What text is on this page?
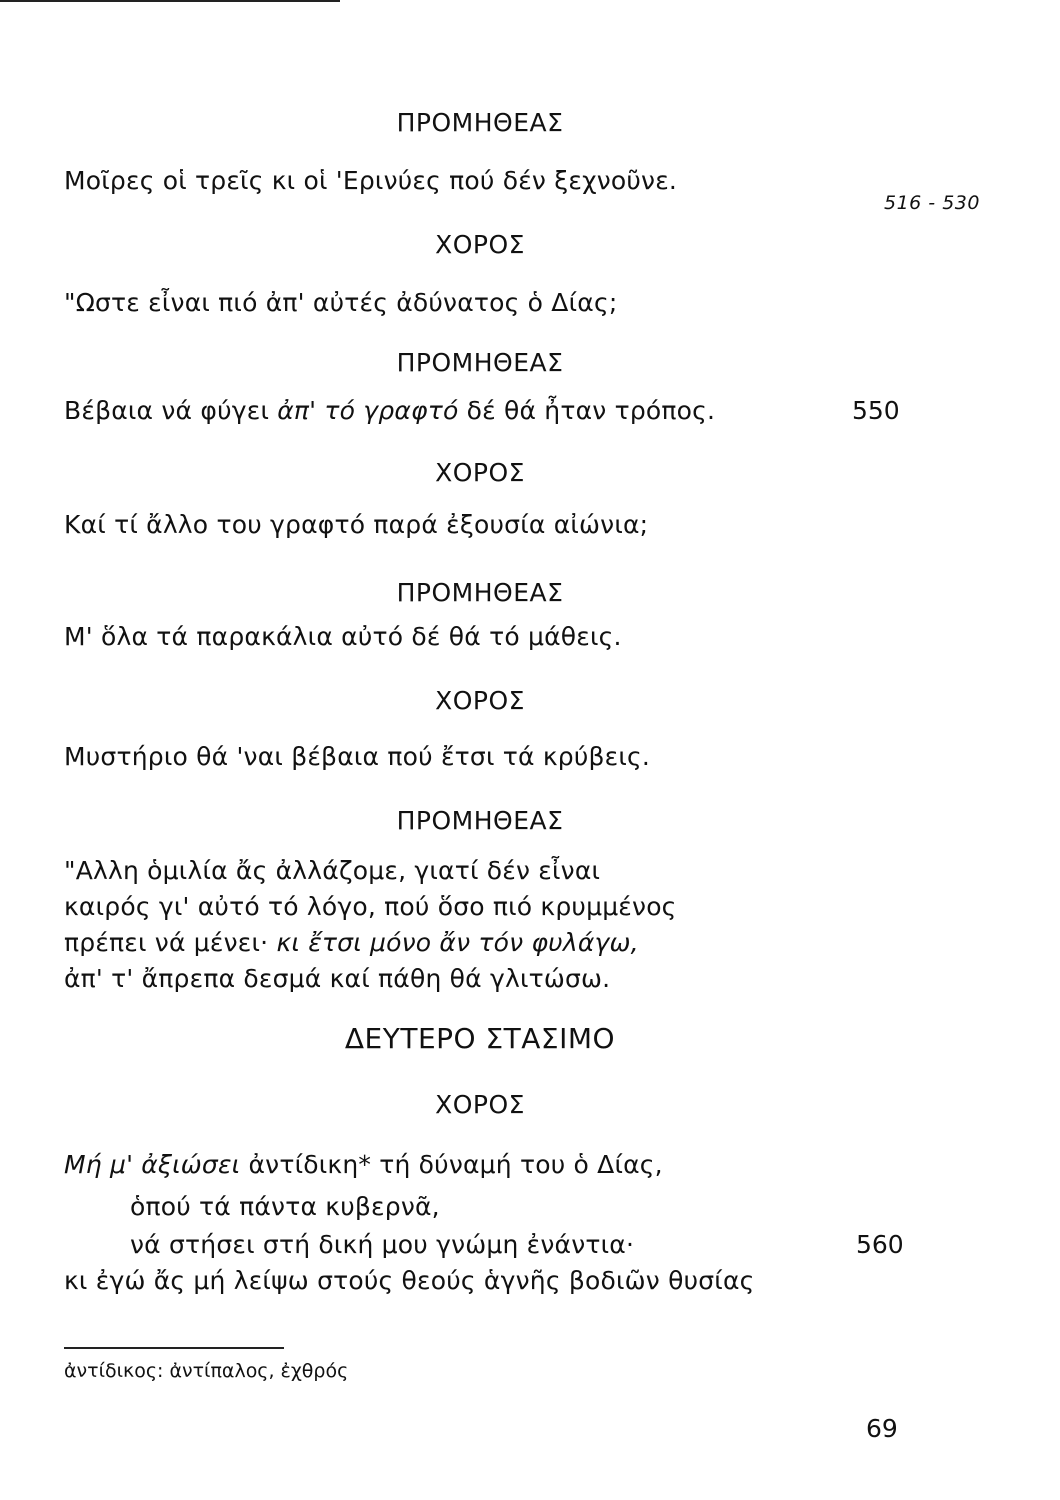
ΠΡΟΜΗΘΕΑΣ
Μοῖρες οἱ τρεῖς κι οἱ 'Ερινύες πού δέν ξεχνοῦνε.
516 - 530
ΧΟΡΟΣ
"Ωστε εἶναι πιό ἀπ' αὐτές ἀδύνατος ὁ Δίας;
ΠΡΟΜΗΘΕΑΣ
Βέβαια νά φύγει ἀπ' τό γραφτό δέ θά ἦταν τρόπος.	550
ΧΟΡΟΣ
Καί τί ἄλλο του γραφτό παρά ἐξουσία αἰώνια;
ΠΡΟΜΗΘΕΑΣ
Μ' ὅλα τά παρακάλια αὐτό δέ θά τό μάθεις.
ΧΟΡΟΣ
Μυστήριο θά 'ναι βέβαια πού ἔτσι τά κρύβεις.
ΠΡΟΜΗΘΕΑΣ
"Αλλη ὁμιλία ἄς ἀλλάζομε, γιατί δέν εἶναι
καιρός γι' αὐτό τό λόγο, πού ὅσο πιό κρυμμένος
πρέπει νά μένει· κι ἔτσι μόνο ἄν τόν φυλάγω,
ἀπ' τ' ἄπρεπα δεσμά καί πάθη θά γλιτώσω.
ΔΕΥΤΕΡΟ ΣΤΑΣΙΜΟ
ΧΟΡΟΣ
Μή μ' ἀξιώσει ἀντίδικη* τή δύναμή του ὁ Δίας,
ὁπού τά πάντα κυβερνᾶ,
νά στήσει στή δική μου γνώμη ἐνάντια·	560
κι ἐγώ ἄς μή λείψω στούς θεούς ἁγνῆς βοδιῶν θυσίας
ἀντίδικος: ἀντίπαλος, ἐχθρός
69
